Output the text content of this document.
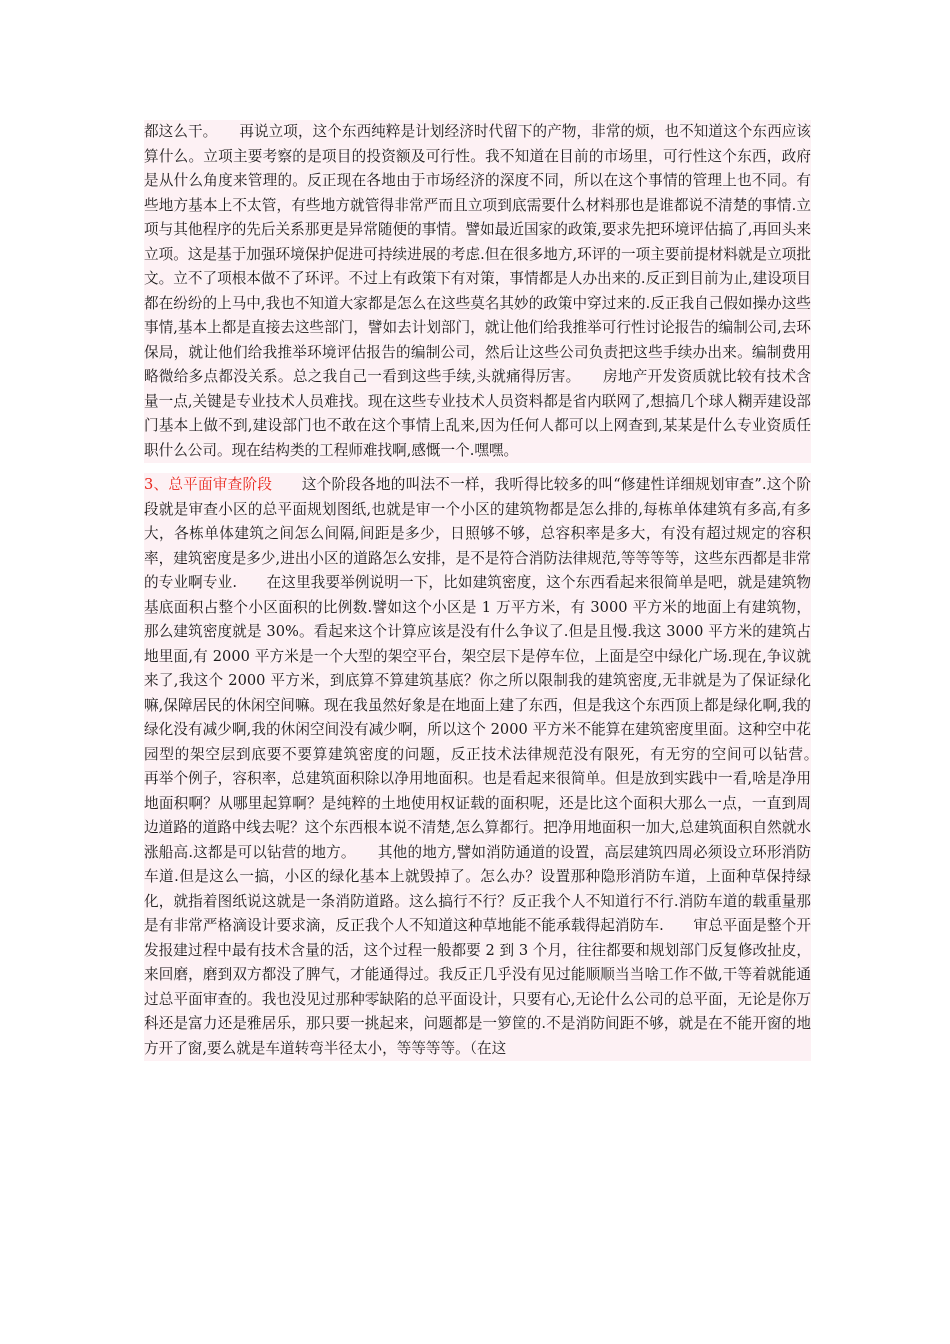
都这么干。　　再说立项，这个东西纯粹是计划经济时代留下的产物，非常的烦，也不知道这个东西应该算什么。立项主要考察的是项目的投资额及可行性。我不知道在目前的市场里，可行性这个东西，政府是从什么角度来管理的。反正现在各地由于市场经济的深度不同，所以在这个事情的管理上也不同。有些地方基本上不太管，有些地方就管得非常严而且立项到底需要什么材料那也是谁都说不清楚的事情.立项与其他程序的先后关系那更是异常随便的事情。譬如最近国家的政策,要求先把环境评估搞了,再回头来立项。这是基于加强环境保护促进可持续进展的考虑.但在很多地方,环评的一项主要前提材料就是立项批文。立不了项根本做不了环评。不过上有政策下有对策，事情都是人办出来的.反正到目前为止,建设项目都在纷纷的上马中,我也不知道大家都是怎么在这些莫名其妙的政策中穿过来的.反正我自己假如操办这些事情,基本上都是直接去这些部门，譬如去计划部门，就让他们给我推举可行性讨论报告的编制公司,去环保局，就让他们给我推举环境评估报告的编制公司，然后让这些公司负责把这些手续办出来。编制费用略微给多点都没关系。总之我自己一看到这些手续,头就痛得厉害。　　房地产开发资质就比较有技术含量一点,关键是专业技术人员难找。现在这些专业技术人员资料都是省内联网了,想搞几个球人糊弄建设部门基本上做不到,建设部门也不敢在这个事情上乱来,因为任何人都可以上网查到,某某是什么专业资质任职什么公司。现在结构类的工程师难找啊,感慨一个.嘿嘿。

3、总平面审查阶段　　这个阶段各地的叫法不一样，我听得比较多的叫“修建性详细规划审查”.这个阶段就是审查小区的总平面规划图纸,也就是审一个小区的建筑物都是怎么排的,每栋单体建筑有多高,有多大，各栋单体建筑之间怎么间隔,间距是多少，日照够不够，总容积率是多大，有没有超过规定的容积率，建筑密度是多少,进出小区的道路怎么安排，是不是符合消防法律规范,等等等等，这些东西都是非常的专业啊专业.　　在这里我要举例说明一下，比如建筑密度，这个东西看起来很简单是吧，就是建筑物基底面积占整个小区面积的比例数.譬如这个小区是 1 万平方米，有 3000 平方米的地面上有建筑物，那么建筑密度就是 30%。看起来这个计算应该是没有什么争议了.但是且慢.我这 3000 平方米的建筑占地里面,有 2000 平方米是一个大型的架空平台，架空层下是停车位，上面是空中绿化广场.现在,争议就来了,我这个 2000 平方米，到底算不算建筑基底？你之所以限制我的建筑密度,无非就是为了保证绿化嘛,保障居民的休闲空间嘛。现在我虽然好象是在地面上建了东西，但是我这个东西顶上都是绿化啊,我的绿化没有减少啊,我的休闲空间没有减少啊，所以这个 2000 平方米不能算在建筑密度里面。这种空中花园型的架空层到底要不要算建筑密度的问题，反正技术法律规范没有限死，有无穷的空间可以钻营。　　再举个例子，容积率，总建筑面积除以净用地面积。也是看起来很简单。但是放到实践中一看,啥是净用地面积啊？从哪里起算啊？是纯粹的土地使用权证载的面积呢，还是比这个面积大那么一点，一直到周边道路的道路中线去呢？这个东西根本说不清楚,怎么算都行。把净用地面积一加大,总建筑面积自然就水涨船高.这都是可以钻营的地方。　　其他的地方,譬如消防通道的设置，高层建筑四周必须设立环形消防车道.但是这么一搞，小区的绿化基本上就毁掉了。怎么办？设置那种隐形消防车道，上面种草保持绿化，就指着图纸说这就是一条消防道路。这么搞行不行？反正我个人不知道行不行.消防车道的载重量那是有非常严格滴设计要求滴，反正我个人不知道这种草地能不能承载得起消防车.　　审总平面是整个开发报建过程中最有技术含量的活，这个过程一般都要 2 到 3 个月，往往都要和规划部门反复修改扯皮，来回磨，磨到双方都没了脾气，才能通得过。我反正几乎没有见过能顺顺当当啥工作不做,干等着就能通过总平面审查的。我也没见过那种零缺陷的总平面设计，只要有心,无论什么公司的总平面，无论是你万科还是富力还是雅居乐，那只要一挑起来，问题都是一箩筐的.不是消防间距不够，就是在不能开窗的地方开了窗,要么就是车道转弯半径太小，等等等等。（在这
